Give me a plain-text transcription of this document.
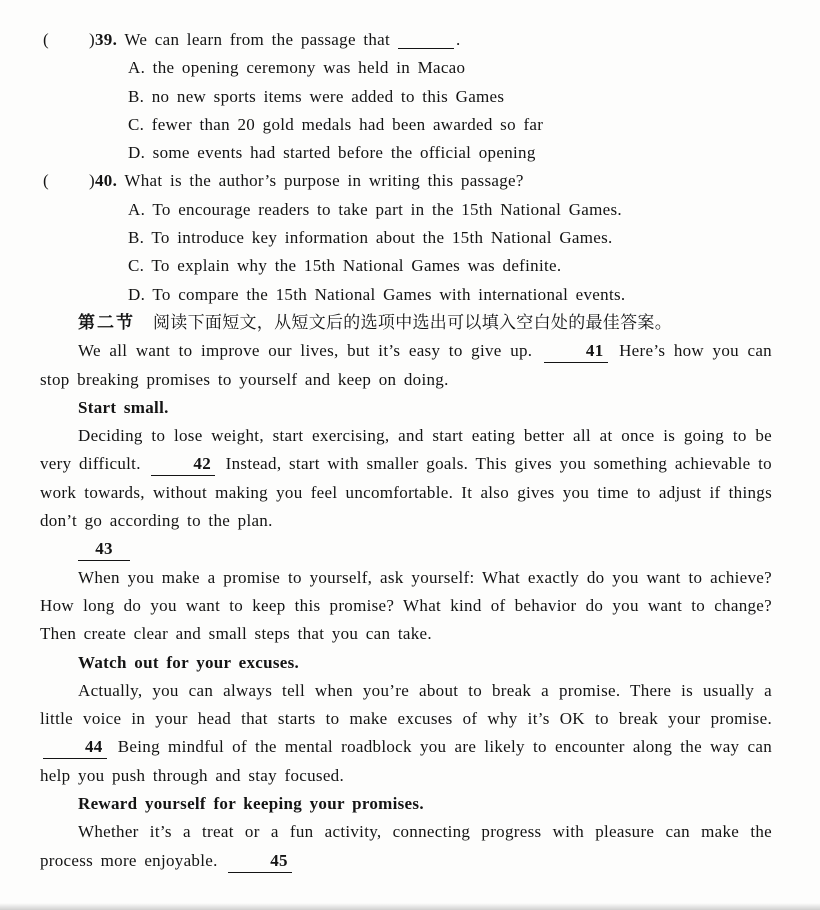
( )39. We can learn from the passage that	.

A. the opening ceremony was held in Macao

B. no new sports items were added to this Games

C. fewer than 20 gold medals had been awarded so far

D. some events had started before the official opening

( )40. What is the author’s purpose in writing this passage?

A. To encourage readers to take part in the 15th National Games.

B. To introduce key information about the 15th National Games.

C. To explain why the 15th National Games was definite.

D. To compare the 15th National Games with international events.

第二节 阅读下面短文，从短文后的选项中选出可以填入空白处的最佳答案。

We all want to improve our lives, but it’s easy to give up.	41 Here’s how you can stop breaking promises to yourself and keep on doing.

Start small.

Deciding to lose weight, start exercising, and start eating better all at once is going to be very difficult.	42 Instead, start with smaller goals. This gives you something achievable to work towards, without making you feel uncomfortable. It also gives you time to adjust if things don’t go according to the plan.

43

When you make a promise to yourself, ask yourself: What exactly do you want to achieve? How long do you want to keep this promise? What kind of behavior do you want to change? Then create clear and small steps that you can take.

Watch out for your excuses.

Actually, you can always tell when you’re about to break a promise. There is usually a little voice in your head that starts to make excuses of why it’s OK to break your promise. 44 Being mindful of the mental roadblock you are likely to encounter along the way can help you push through and stay focused.

Reward yourself for keeping your promises.

Whether it’s a treat or a fun activity, connecting progress with pleasure can make the process more enjoyable.	45
